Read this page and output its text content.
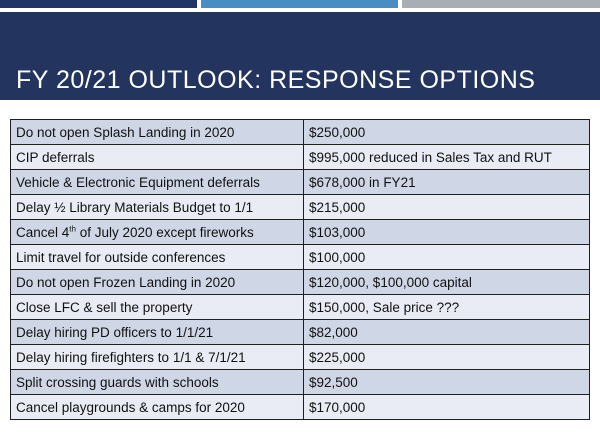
FY 20/21 OUTLOOK: RESPONSE OPTIONS
Do not open Splash Landing in 2020	$250,000
CIP deferrals	$995,000 reduced in Sales Tax and RUT
Vehicle & Electronic Equipment deferrals	$678,000 in FY21
Delay ½ Library Materials Budget to 1/1	$215,000
Cancel 4th of July 2020 except fireworks	$103,000
Limit travel for outside conferences	$100,000
Do not open Frozen Landing in 2020	$120,000, $100,000 capital
Close LFC & sell the property	$150,000, Sale price ???
Delay hiring PD officers to 1/1/21	$82,000
Delay hiring firefighters to 1/1 & 7/1/21	$225,000
Split crossing guards with schools	$92,500
Cancel playgrounds & camps for 2020	$170,000
